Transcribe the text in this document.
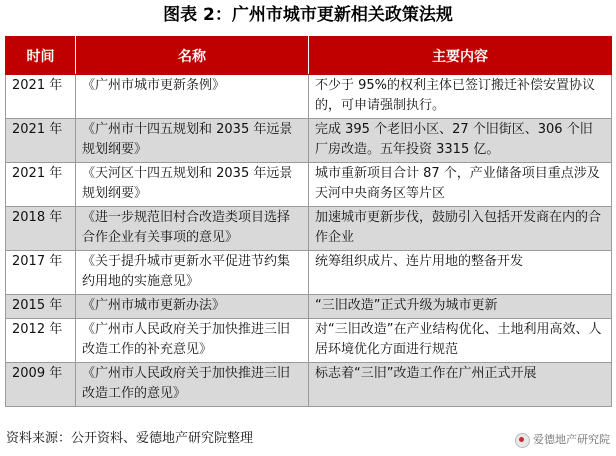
图表 2：广州市城市更新相关政策法规
时间	名称	主要内容
2021 年	《广州市城市更新条例》	不少于 95%的权利主体已签订搬迁补偿安置协议的，可申请强制执行。
2021 年	《广州市十四五规划和 2035 年远景规划纲要》	完成 395 个老旧小区、27 个旧街区、306 个旧厂房改造。五年投资 3315 亿。
2021 年	《天河区十四五规划和 2035 年远景规划纲要》	城市重新项目合计 87 个，产业储备项目重点涉及天河中央商务区等片区
2018 年	《进一步规范旧村合改造类项目选择合作企业有关事项的意见》	加速城市更新步伐，鼓励引入包括开发商在内的合作企业
2017 年	《关于提升城市更新水平促进节约集约用地的实施意见》	统筹组织成片、连片用地的整备开发
2015 年	《广州市城市更新办法》	“三旧改造”正式升级为城市更新
2012 年	《广州市人民政府关于加快推进三旧改造工作的补充意见》	对“三旧改造”在产业结构优化、土地利用高效、人居环境优化方面进行规范
2009 年	《广州市人民政府关于加快推进三旧改造工作的意见》	标志着“三旧”改造工作在广州正式开展
资料来源：公开资料、爱德地产研究院整理	爱德地产研究院
